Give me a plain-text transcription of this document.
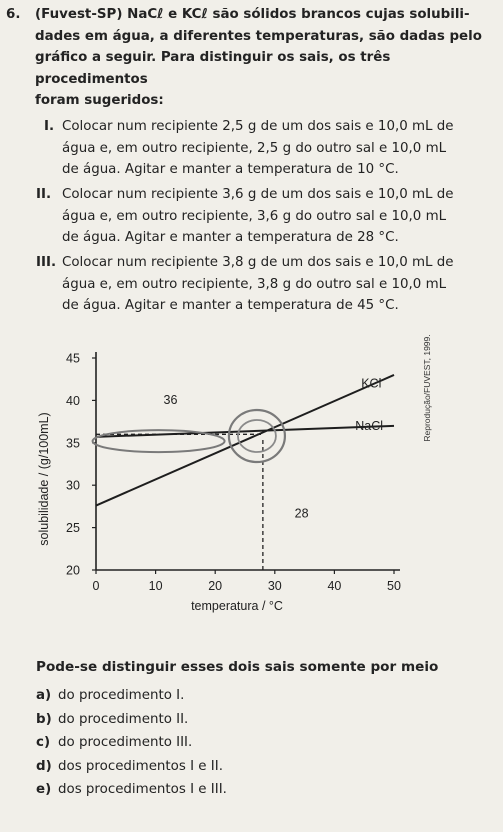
6. (Fuvest-SP) NaCℓ e KCℓ são sólidos brancos cujas solubili-
dades em água, a diferentes temperaturas, são dadas pelo
gráfico a seguir. Para distinguir os sais, os três procedimentos
foram sugeridos:
I. Colocar num recipiente 2,5 g de um dos sais e 10,0 mL de
água e, em outro recipiente, 2,5 g do outro sal e 10,0 mL
de água. Agitar e manter a temperatura de 10 °C.
II. Colocar num recipiente 3,6 g de um dos sais e 10,0 mL de
água e, em outro recipiente, 3,6 g do outro sal e 10,0 mL
de água. Agitar e manter a temperatura de 28 °C.
III. Colocar num recipiente 3,8 g de um dos sais e 10,0 mL de
água e, em outro recipiente, 3,8 g do outro sal e 10,0 mL
de água. Agitar e manter a temperatura de 45 °C.
0	10	20	30	40	50
20
25
30
35
40
45
temperatura / °C
solubilidade / (g/100mL)
KCl
NaCl
36
28
Reprodução/FUVEST, 1999.
Pode-se distinguir esses dois sais somente por meio
a) do procedimento I.
b) do procedimento II.
c) do procedimento III.
d) dos procedimentos I e II.
e) dos procedimentos I e III.
